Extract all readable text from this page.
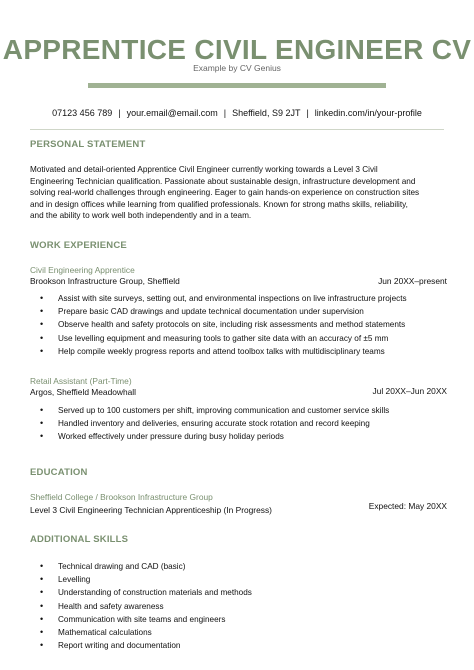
APPRENTICE CIVIL ENGINEER CV
Example by CV Genius
07123 456 789 | your.email@email.com | Sheffield, S9 2JT | linkedin.com/in/your-profile
PERSONAL STATEMENT
Motivated and detail-oriented Apprentice Civil Engineer currently working towards a Level 3 Civil
Engineering Technician qualification. Passionate about sustainable design, infrastructure development and
solving real-world challenges through engineering. Eager to gain hands-on experience on construction sites
and in design offices while learning from qualified professionals. Known for strong maths skills, reliability,
and the ability to work well both independently and in a team.
WORK EXPERIENCE
Civil Engineering Apprentice
Brookson Infrastructure Group, Sheffield	Jun 20XX–present
• Assist with site surveys, setting out, and environmental inspections on live infrastructure projects
• Prepare basic CAD drawings and update technical documentation under supervision
• Observe health and safety protocols on site, including risk assessments and method statements
• Use levelling equipment and measuring tools to gather site data with an accuracy of ±5 mm
• Help compile weekly progress reports and attend toolbox talks with multidisciplinary teams
Retail Assistant (Part-Time)
Argos, Sheffield Meadowhall	Jul 20XX–Jun 20XX
• Served up to 100 customers per shift, improving communication and customer service skills
• Handled inventory and deliveries, ensuring accurate stock rotation and record keeping
• Worked effectively under pressure during busy holiday periods
EDUCATION
Sheffield College / Brookson Infrastructure Group
Level 3 Civil Engineering Technician Apprenticeship (In Progress)	Expected: May 20XX
ADDITIONAL SKILLS
• Technical drawing and CAD (basic)
• Levelling
• Understanding of construction materials and methods
• Health and safety awareness
• Communication with site teams and engineers
• Mathematical calculations
• Report writing and documentation
